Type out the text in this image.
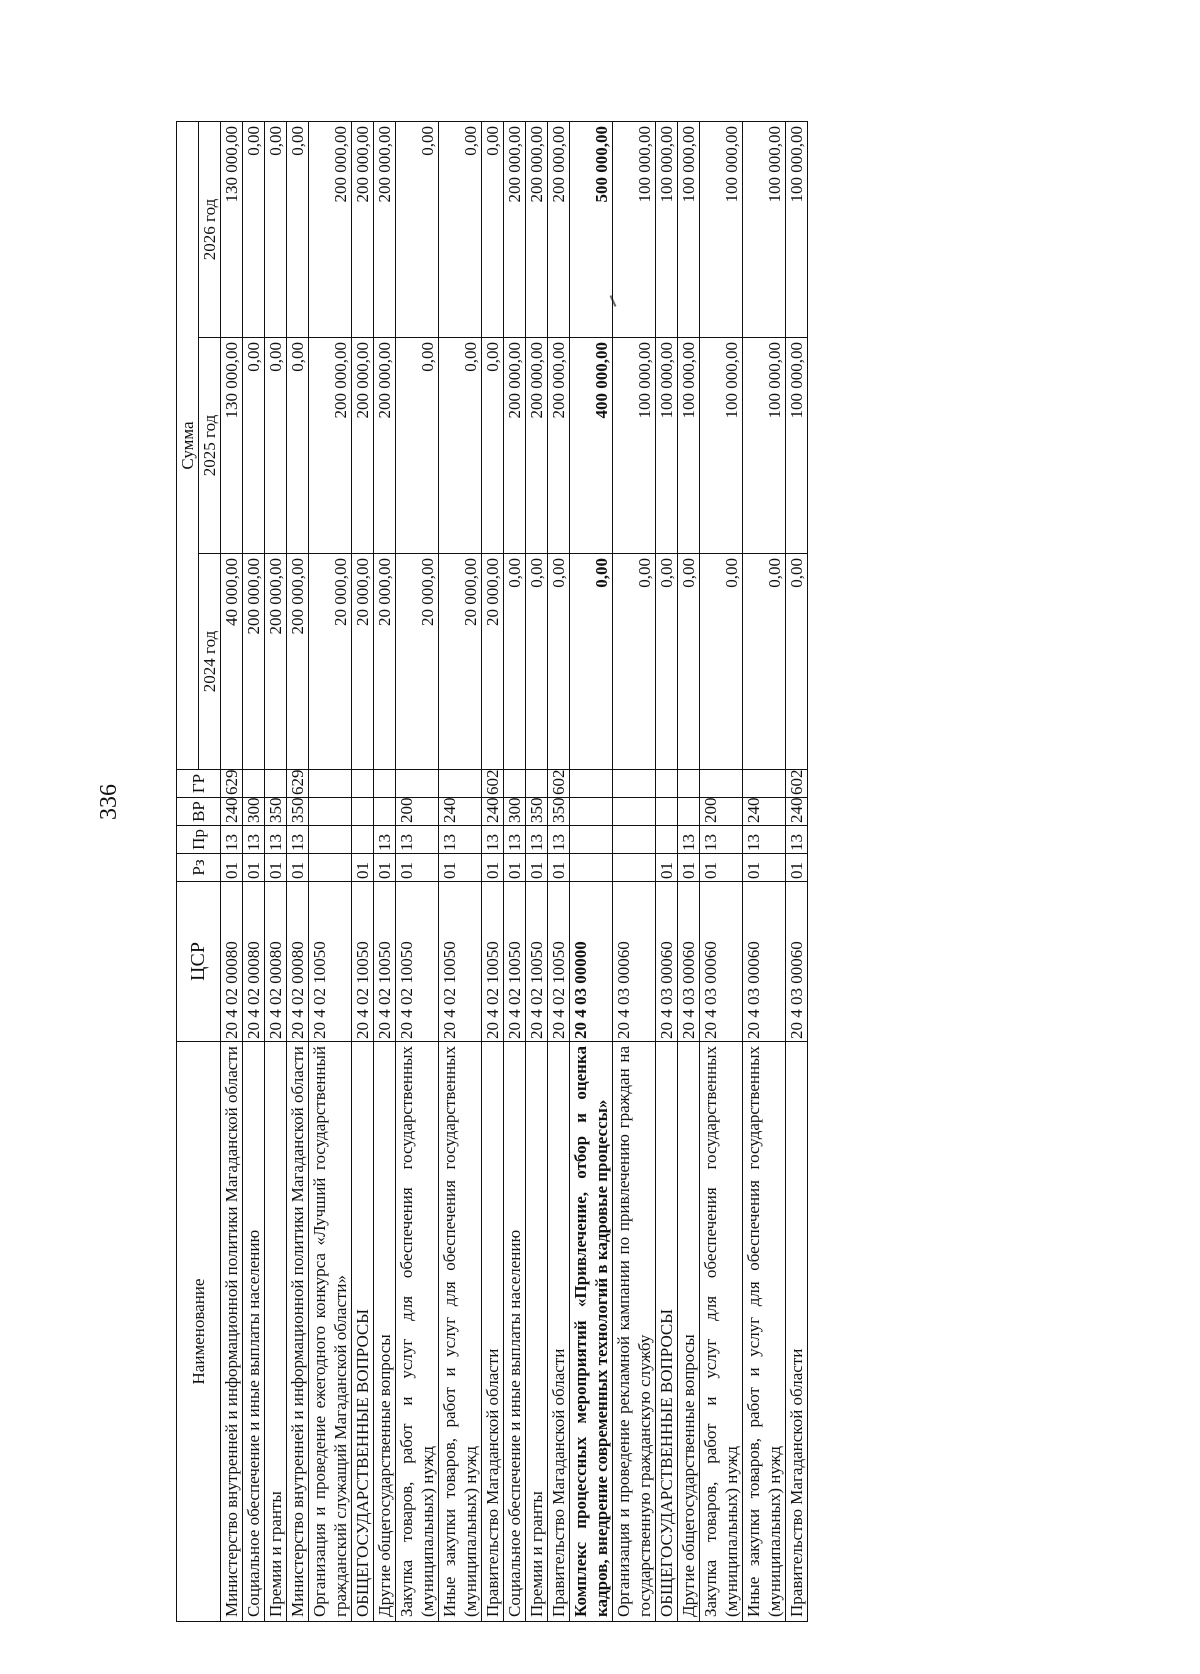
336
Наименование	ЦСР	Рз	Пр	ВР	ГР	Сумма		
						2024 год	2025 год	2026 год
Министерство внутренней и информационной политики Магаданской области	20 4 02 00080	01	13	240	629	40 000,00	130 000,00	130 000,00
Социальное обеспечение и иные выплаты населению	20 4 02 00080	01	13	300		200 000,00	0,00	0,00
Премии и гранты	20 4 02 00080	01	13	350		200 000,00	0,00	0,00
Министерство внутренней и информационной политики Магаданской области	20 4 02 00080	01	13	350	629	200 000,00	0,00	0,00
Организация и проведение ежегодного конкурса «Лучший государственный гражданский служащий Магаданской области»	20 4 02 10050					20 000,00	200 000,00	200 000,00
ОБЩЕГОСУДАРСТВЕННЫЕ ВОПРОСЫ	20 4 02 10050	01				20 000,00	200 000,00	200 000,00
Другие общегосударственные вопросы	20 4 02 10050	01	13			20 000,00	200 000,00	200 000,00
Закупка товаров, работ и услуг для обеспечения государственных (муниципальных) нужд	20 4 02 10050	01	13	200		20 000,00	0,00	0,00
Иные закупки товаров, работ и услуг для обеспечения государственных (муниципальных) нужд	20 4 02 10050	01	13	240		20 000,00	0,00	0,00
Правительство Магаданской области	20 4 02 10050	01	13	240	602	20 000,00	0,00	0,00
Социальное обеспечение и иные выплаты населению	20 4 02 10050	01	13	300		0,00	200 000,00	200 000,00
Премии и гранты	20 4 02 10050	01	13	350		0,00	200 000,00	200 000,00
Правительство Магаданской области	20 4 02 10050	01	13	350	602	0,00	200 000,00	200 000,00
Комплекс процессных мероприятий «Привлечение, отбор и оценка кадров, внедрение современных технологий в кадровые процессы»	20 4 03 00000					0,00	400 000,00	500 000,00
Организация и проведение рекламной кампании по привлечению граждан на государственную гражданскую службу	20 4 03 00060					0,00	100 000,00	100 000,00
ОБЩЕГОСУДАРСТВЕННЫЕ ВОПРОСЫ	20 4 03 00060	01				0,00	100 000,00	100 000,00
Другие общегосударственные вопросы	20 4 03 00060	01	13			0,00	100 000,00	100 000,00
Закупка товаров, работ и услуг для обеспечения государственных (муниципальных) нужд	20 4 03 00060	01	13	200		0,00	100 000,00	100 000,00
Иные закупки товаров, работ и услуг для обеспечения государственных (муниципальных) нужд	20 4 03 00060	01	13	240		0,00	100 000,00	100 000,00
Правительство Магаданской области	20 4 03 00060	01	13	240	602	0,00	100 000,00	100 000,00
